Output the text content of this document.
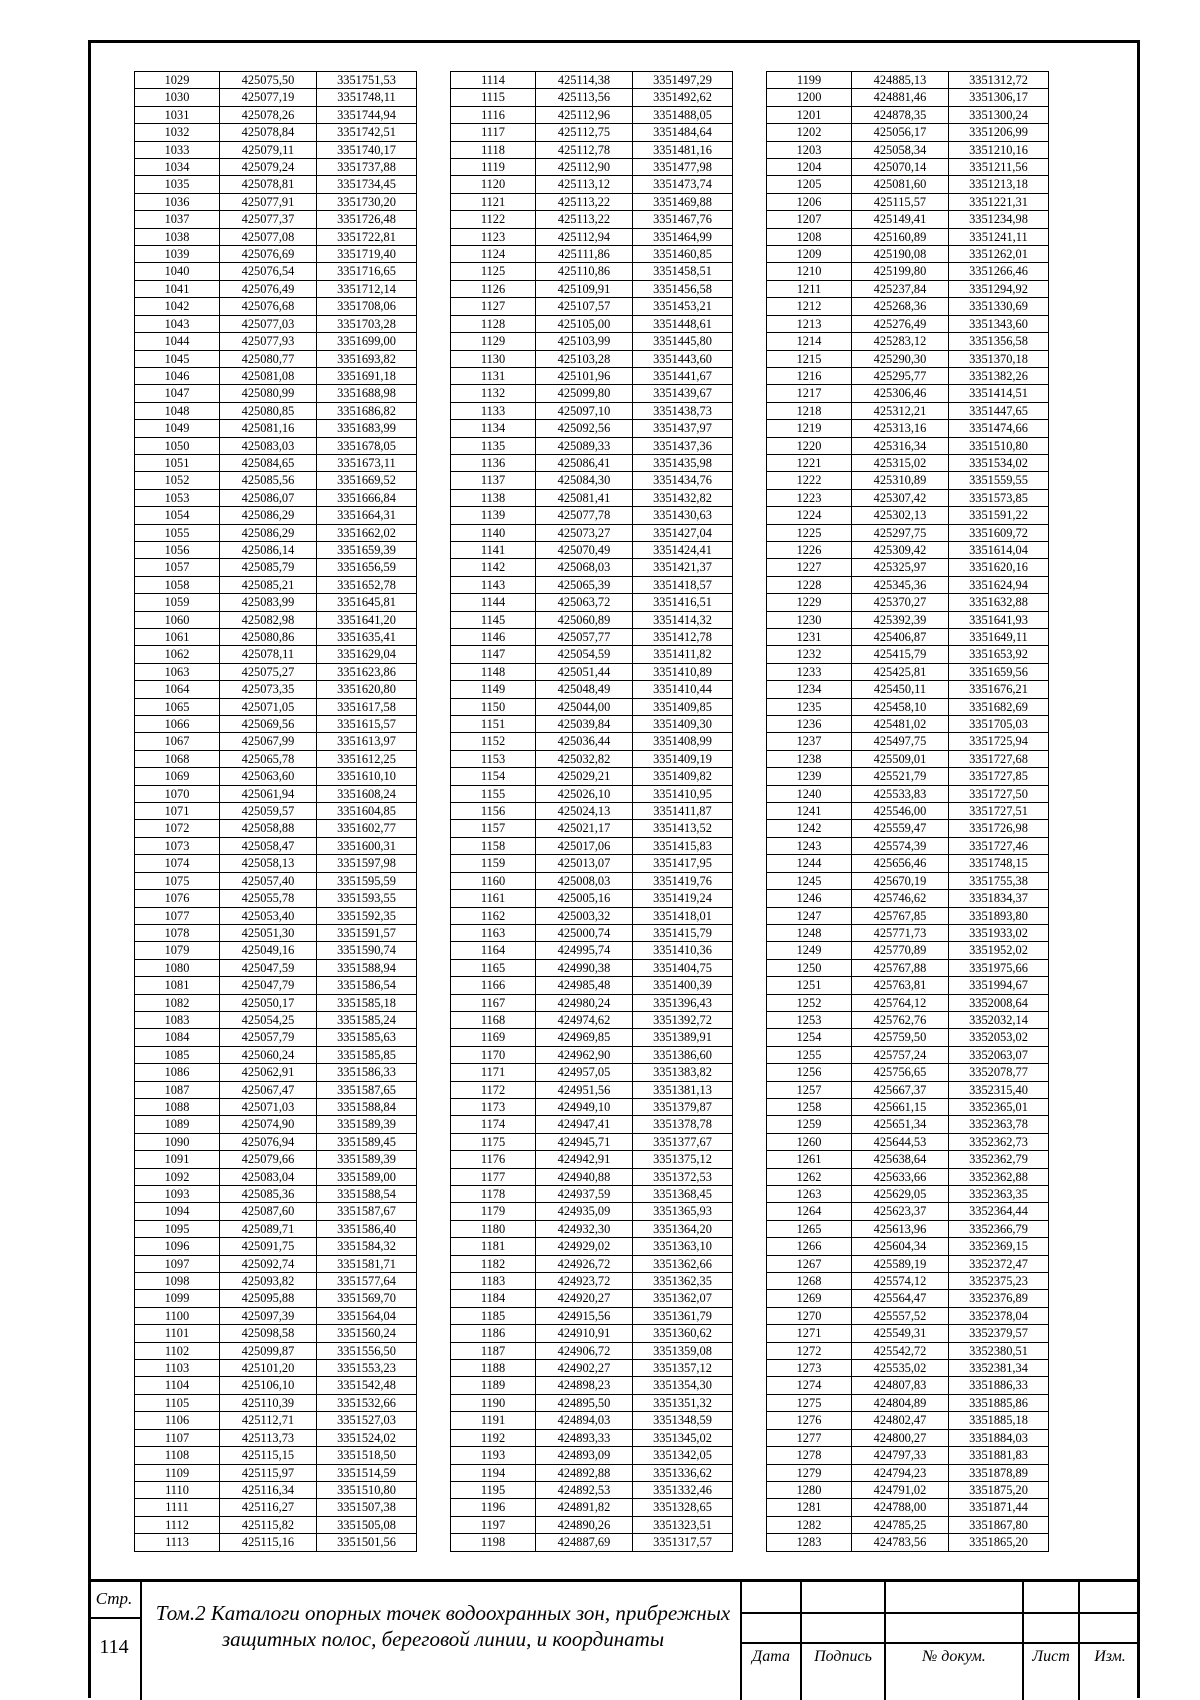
1029	425075,50	3351751,53
1030	425077,19	3351748,11
1031	425078,26	3351744,94
1032	425078,84	3351742,51
1033	425079,11	3351740,17
1034	425079,24	3351737,88
1035	425078,81	3351734,45
1036	425077,91	3351730,20
1037	425077,37	3351726,48
1038	425077,08	3351722,81
1039	425076,69	3351719,40
1040	425076,54	3351716,65
1041	425076,49	3351712,14
1042	425076,68	3351708,06
1043	425077,03	3351703,28
1044	425077,93	3351699,00
1045	425080,77	3351693,82
1046	425081,08	3351691,18
1047	425080,99	3351688,98
1048	425080,85	3351686,82
1049	425081,16	3351683,99
1050	425083,03	3351678,05
1051	425084,65	3351673,11
1052	425085,56	3351669,52
1053	425086,07	3351666,84
1054	425086,29	3351664,31
1055	425086,29	3351662,02
1056	425086,14	3351659,39
1057	425085,79	3351656,59
1058	425085,21	3351652,78
1059	425083,99	3351645,81
1060	425082,98	3351641,20
1061	425080,86	3351635,41
1062	425078,11	3351629,04
1063	425075,27	3351623,86
1064	425073,35	3351620,80
1065	425071,05	3351617,58
1066	425069,56	3351615,57
1067	425067,99	3351613,97
1068	425065,78	3351612,25
1069	425063,60	3351610,10
1070	425061,94	3351608,24
1071	425059,57	3351604,85
1072	425058,88	3351602,77
1073	425058,47	3351600,31
1074	425058,13	3351597,98
1075	425057,40	3351595,59
1076	425055,78	3351593,55
1077	425053,40	3351592,35
1078	425051,30	3351591,57
1079	425049,16	3351590,74
1080	425047,59	3351588,94
1081	425047,79	3351586,54
1082	425050,17	3351585,18
1083	425054,25	3351585,24
1084	425057,79	3351585,63
1085	425060,24	3351585,85
1086	425062,91	3351586,33
1087	425067,47	3351587,65
1088	425071,03	3351588,84
1089	425074,90	3351589,39
1090	425076,94	3351589,45
1091	425079,66	3351589,39
1092	425083,04	3351589,00
1093	425085,36	3351588,54
1094	425087,60	3351587,67
1095	425089,71	3351586,40
1096	425091,75	3351584,32
1097	425092,74	3351581,71
1098	425093,82	3351577,64
1099	425095,88	3351569,70
1100	425097,39	3351564,04
1101	425098,58	3351560,24
1102	425099,87	3351556,50
1103	425101,20	3351553,23
1104	425106,10	3351542,48
1105	425110,39	3351532,66
1106	425112,71	3351527,03
1107	425113,73	3351524,02
1108	425115,15	3351518,50
1109	425115,97	3351514,59
1110	425116,34	3351510,80
1111	425116,27	3351507,38
1112	425115,82	3351505,08
1113	425115,16	3351501,56
1114	425114,38	3351497,29
1115	425113,56	3351492,62
1116	425112,96	3351488,05
1117	425112,75	3351484,64
1118	425112,78	3351481,16
1119	425112,90	3351477,98
1120	425113,12	3351473,74
1121	425113,22	3351469,88
1122	425113,22	3351467,76
1123	425112,94	3351464,99
1124	425111,86	3351460,85
1125	425110,86	3351458,51
1126	425109,91	3351456,58
1127	425107,57	3351453,21
1128	425105,00	3351448,61
1129	425103,99	3351445,80
1130	425103,28	3351443,60
1131	425101,96	3351441,67
1132	425099,80	3351439,67
1133	425097,10	3351438,73
1134	425092,56	3351437,97
1135	425089,33	3351437,36
1136	425086,41	3351435,98
1137	425084,30	3351434,76
1138	425081,41	3351432,82
1139	425077,78	3351430,63
1140	425073,27	3351427,04
1141	425070,49	3351424,41
1142	425068,03	3351421,37
1143	425065,39	3351418,57
1144	425063,72	3351416,51
1145	425060,89	3351414,32
1146	425057,77	3351412,78
1147	425054,59	3351411,82
1148	425051,44	3351410,89
1149	425048,49	3351410,44
1150	425044,00	3351409,85
1151	425039,84	3351409,30
1152	425036,44	3351408,99
1153	425032,82	3351409,19
1154	425029,21	3351409,82
1155	425026,10	3351410,95
1156	425024,13	3351411,87
1157	425021,17	3351413,52
1158	425017,06	3351415,83
1159	425013,07	3351417,95
1160	425008,03	3351419,76
1161	425005,16	3351419,24
1162	425003,32	3351418,01
1163	425000,74	3351415,79
1164	424995,74	3351410,36
1165	424990,38	3351404,75
1166	424985,48	3351400,39
1167	424980,24	3351396,43
1168	424974,62	3351392,72
1169	424969,85	3351389,91
1170	424962,90	3351386,60
1171	424957,05	3351383,82
1172	424951,56	3351381,13
1173	424949,10	3351379,87
1174	424947,41	3351378,78
1175	424945,71	3351377,67
1176	424942,91	3351375,12
1177	424940,88	3351372,53
1178	424937,59	3351368,45
1179	424935,09	3351365,93
1180	424932,30	3351364,20
1181	424929,02	3351363,10
1182	424926,72	3351362,66
1183	424923,72	3351362,35
1184	424920,27	3351362,07
1185	424915,56	3351361,79
1186	424910,91	3351360,62
1187	424906,72	3351359,08
1188	424902,27	3351357,12
1189	424898,23	3351354,30
1190	424895,50	3351351,32
1191	424894,03	3351348,59
1192	424893,33	3351345,02
1193	424893,09	3351342,05
1194	424892,88	3351336,62
1195	424892,53	3351332,46
1196	424891,82	3351328,65
1197	424890,26	3351323,51
1198	424887,69	3351317,57
1199	424885,13	3351312,72
1200	424881,46	3351306,17
1201	424878,35	3351300,24
1202	425056,17	3351206,99
1203	425058,34	3351210,16
1204	425070,14	3351211,56
1205	425081,60	3351213,18
1206	425115,57	3351221,31
1207	425149,41	3351234,98
1208	425160,89	3351241,11
1209	425190,08	3351262,01
1210	425199,80	3351266,46
1211	425237,84	3351294,92
1212	425268,36	3351330,69
1213	425276,49	3351343,60
1214	425283,12	3351356,58
1215	425290,30	3351370,18
1216	425295,77	3351382,26
1217	425306,46	3351414,51
1218	425312,21	3351447,65
1219	425313,16	3351474,66
1220	425316,34	3351510,80
1221	425315,02	3351534,02
1222	425310,89	3351559,55
1223	425307,42	3351573,85
1224	425302,13	3351591,22
1225	425297,75	3351609,72
1226	425309,42	3351614,04
1227	425325,97	3351620,16
1228	425345,36	3351624,94
1229	425370,27	3351632,88
1230	425392,39	3351641,93
1231	425406,87	3351649,11
1232	425415,79	3351653,92
1233	425425,81	3351659,56
1234	425450,11	3351676,21
1235	425458,10	3351682,69
1236	425481,02	3351705,03
1237	425497,75	3351725,94
1238	425509,01	3351727,68
1239	425521,79	3351727,85
1240	425533,83	3351727,50
1241	425546,00	3351727,51
1242	425559,47	3351726,98
1243	425574,39	3351727,46
1244	425656,46	3351748,15
1245	425670,19	3351755,38
1246	425746,62	3351834,37
1247	425767,85	3351893,80
1248	425771,73	3351933,02
1249	425770,89	3351952,02
1250	425767,88	3351975,66
1251	425763,81	3351994,67
1252	425764,12	3352008,64
1253	425762,76	3352032,14
1254	425759,50	3352053,02
1255	425757,24	3352063,07
1256	425756,65	3352078,77
1257	425667,37	3352315,40
1258	425661,15	3352365,01
1259	425651,34	3352363,78
1260	425644,53	3352362,73
1261	425638,64	3352362,79
1262	425633,66	3352362,88
1263	425629,05	3352363,35
1264	425623,37	3352364,44
1265	425613,96	3352366,79
1266	425604,34	3352369,15
1267	425589,19	3352372,47
1268	425574,12	3352375,23
1269	425564,47	3352376,89
1270	425557,52	3352378,04
1271	425549,31	3352379,57
1272	425542,72	3352380,51
1273	425535,02	3352381,34
1274	424807,83	3351886,33
1275	424804,89	3351885,86
1276	424802,47	3351885,18
1277	424800,27	3351884,03
1278	424797,33	3351881,83
1279	424794,23	3351878,89
1280	424791,02	3351875,20
1281	424788,00	3351871,44
1282	424785,25	3351867,80
1283	424783,56	3351865,20
Стр.
114
Том.2 Каталоги опорных точек водоохранных зон, прибрежных защитных полос, береговой линии, и координаты
Дата	Подпись	№ докум.	Лист	Изм.
